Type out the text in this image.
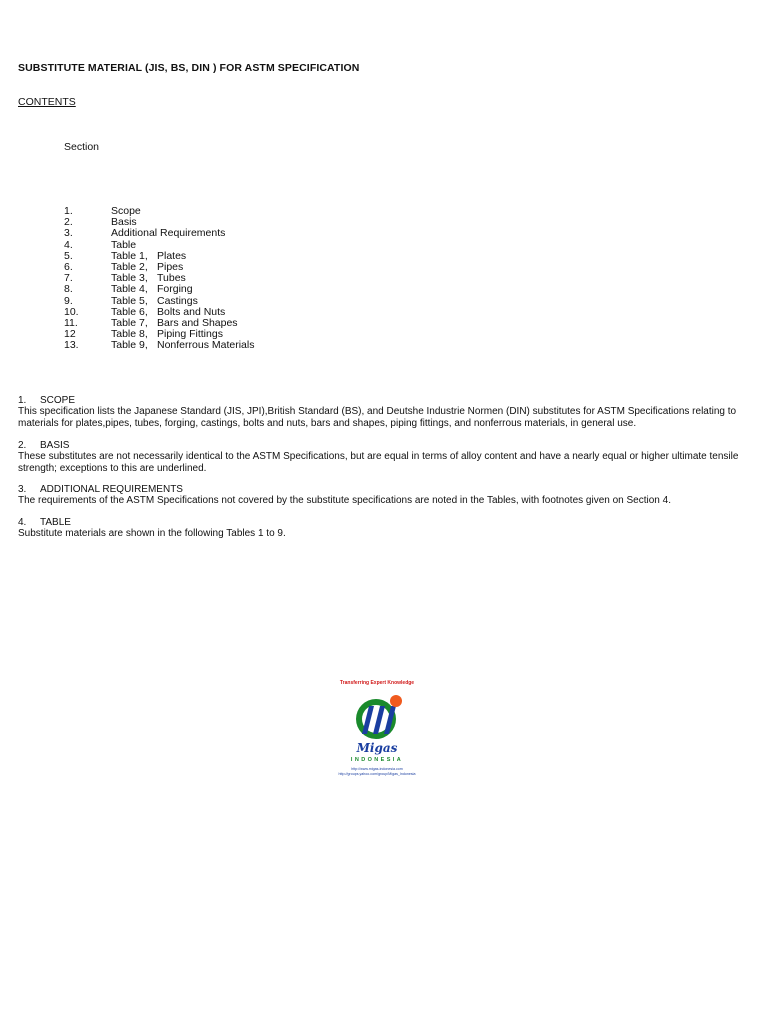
SUBSTITUTE MATERIAL (JIS, BS, DIN ) FOR ASTM SPECIFICATION
CONTENTS
Section
1.	Scope
2.	Basis
3.	Additional Requirements
4.	Table
5.	Table 1, Plates
6.	Table 2, Pipes
7.	Table 3, Tubes
8.	Table 4, Forging
9.	Table 5, Castings
10.	Table 6, Bolts and Nuts
11.	Table 7, Bars and Shapes
12	Table 8, Piping Fittings
13.	Table 9, Nonferrous Materials
1. SCOPE

This specification lists the Japanese Standard (JIS, JPI),British Standard (BS), and Deutshe Industrie Normen (DIN) substitutes for ASTM Specifications relating to materials for plates,pipes, tubes, forging, castings, bolts and nuts, bars and shapes, piping fittings, and nonferrous materials, in general use.

2. BASIS

These substitutes are not necessarily identical to the ASTM Specifications, but are equal in terms of alloy content and have a nearly equal or higher ultimate tensile strength; exceptions to this are underlined.

3. ADDITIONAL REQUIREMENTS

The requirements of the ASTM Specifications not covered by the substitute specifications are noted in the Tables, with footnotes given on Section 4.

4. TABLE

Substitute materials are shown in the following Tables 1 to 9.

Transferring Expert Knowledge
Migas
INDONESIA
http://www.migas-indonesia.com
http://groups.yahoo.com/group/Migas_Indonesia
